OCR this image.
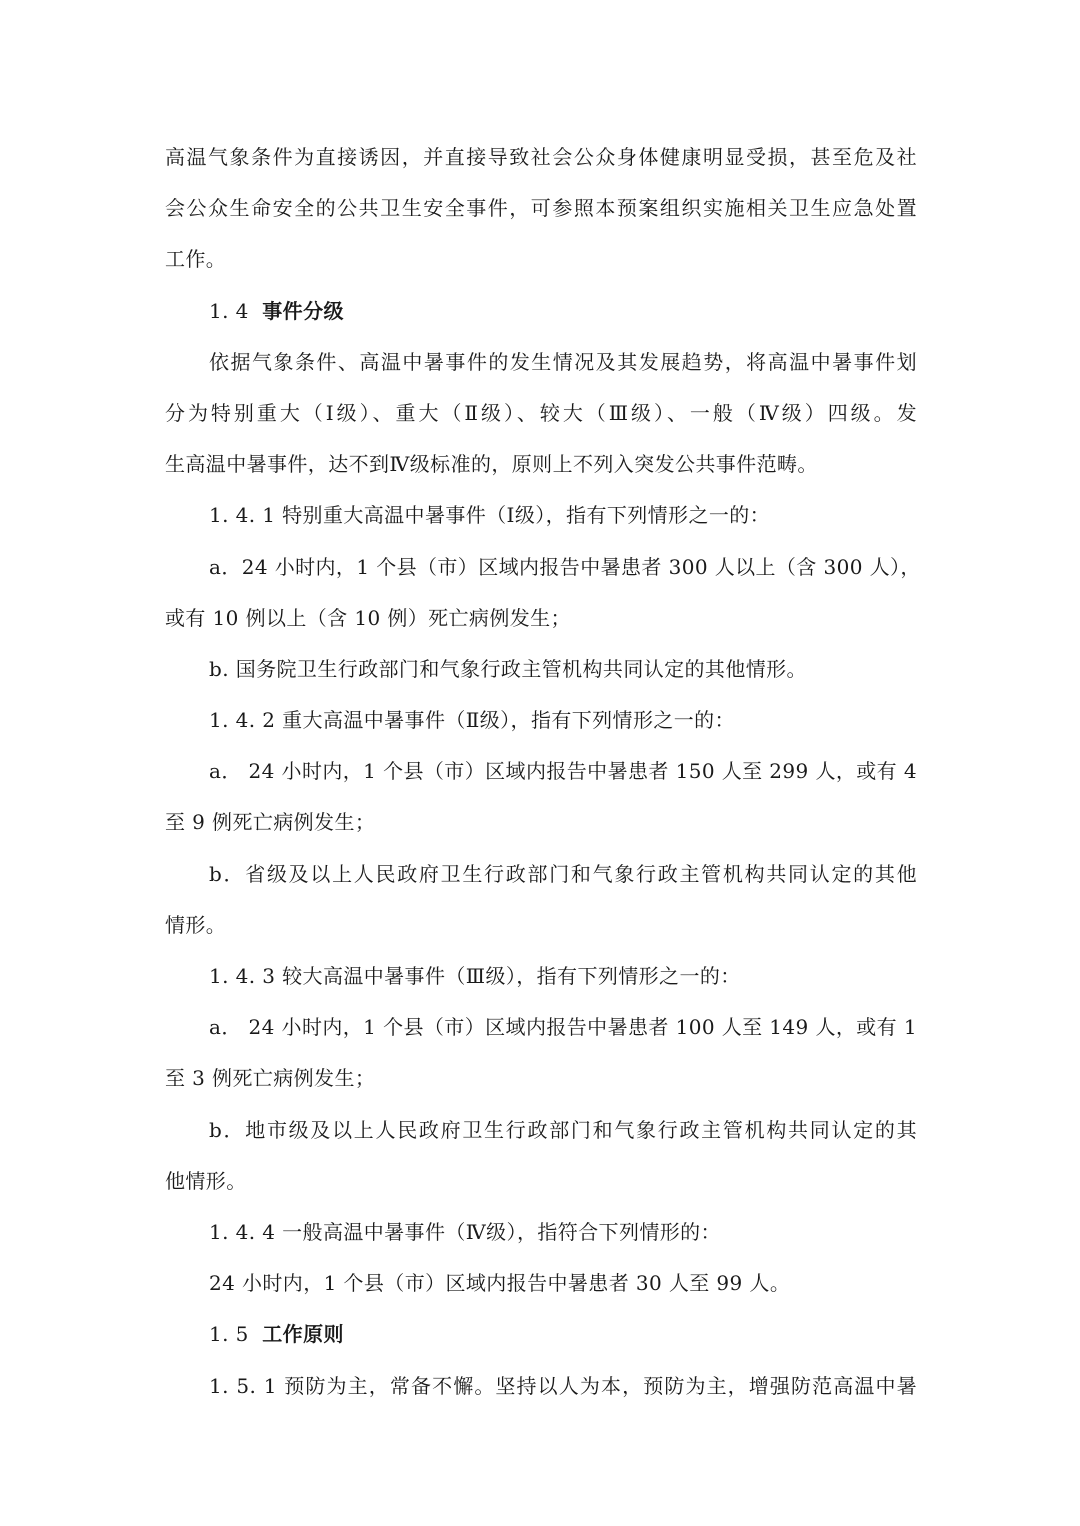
高温气象条件为直接诱因，并直接导致社会公众身体健康明显受损，甚至危及社
会公众生命安全的公共卫生安全事件，可参照本预案组织实施相关卫生应急处置
工作。
1. 4 事件分级
依据气象条件、高温中暑事件的发生情况及其发展趋势，将高温中暑事件划
分为特别重大（Ⅰ级）、重大（Ⅱ级）、较大（Ⅲ级）、一般（Ⅳ级）四级。发
生高温中暑事件，达不到Ⅳ级标准的，原则上不列入突发公共事件范畴。
1. 4. 1 特别重大高温中暑事件（Ⅰ级），指有下列情形之一的：
a．24 小时内，1 个县（市）区域内报告中暑患者 300 人以上（含 300 人），
或有 10 例以上（含 10 例）死亡病例发生；
b. 国务院卫生行政部门和气象行政主管机构共同认定的其他情形。
1. 4. 2 重大高温中暑事件（Ⅱ级），指有下列情形之一的：
a． 24 小时内，1 个县（市）区域内报告中暑患者 150 人至 299 人，或有 4
至 9 例死亡病例发生；
b．省级及以上人民政府卫生行政部门和气象行政主管机构共同认定的其他
情形。
1. 4. 3 较大高温中暑事件（Ⅲ级），指有下列情形之一的：
a． 24 小时内，1 个县（市）区域内报告中暑患者 100 人至 149 人，或有 1
至 3 例死亡病例发生；
b．地市级及以上人民政府卫生行政部门和气象行政主管机构共同认定的其
他情形。
1. 4. 4 一般高温中暑事件（Ⅳ级），指符合下列情形的：
24 小时内，1 个县（市）区域内报告中暑患者 30 人至 99 人。
1. 5 工作原则
1. 5. 1 预防为主，常备不懈。坚持以人为本，预防为主，增强防范高温中暑
